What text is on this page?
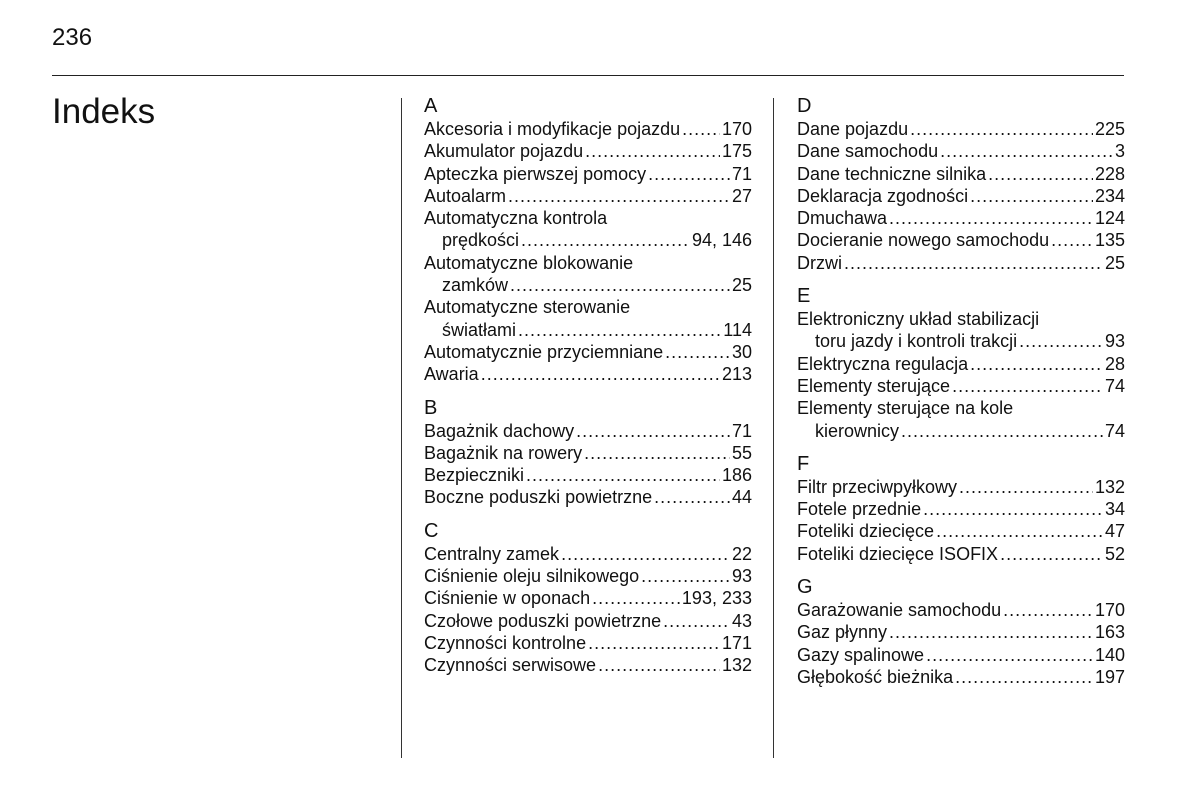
236
Indeks	A
Akcesoria i modyfikacje pojazdu ..... 170
Akumulator pojazdu .....	175
Apteczka pierwszej pomocy .....	71
Autoalarm .....	27
Automatyczna kontrola
prędkości .....	94, 146
Automatyczne blokowanie
zamków .....	25
Automatyczne sterowanie
światłami .....	114
Automatycznie przyciemniane .....	30
Awaria .....	213
B
Bagażnik dachowy .....	71
Bagażnik na rowery .....	55
Bezpieczniki .....	186
Boczne poduszki powietrzne .....	44
C
Centralny zamek .....	22
Ciśnienie oleju silnikowego .....	93
Ciśnienie w oponach .....	193, 233
Czołowe poduszki powietrzne .....	43
Czynności kontrolne .....	171
Czynności serwisowe .....	132
D
Dane pojazdu .....	225
Dane samochodu .....	3
Dane techniczne silnika .....	228
Deklaracja zgodności .....	234
Dmuchawa .....	124
Docieranie nowego samochodu .....	135
Drzwi .....	25
E
Elektroniczny układ stabilizacji
toru jazdy i kontroli trakcji .....	93
Elektryczna regulacja .....	28
Elementy sterujące .....	74
Elementy sterujące na kole
kierownicy .....	74
F
Filtr przeciwpyłkowy .....	132
Fotele przednie .....	34
Foteliki dziecięce .....	47
Foteliki dziecięce ISOFIX .....	52
G
Garażowanie samochodu .....	170
Gaz płynny .....	163
Gazy spalinowe .....	140
Głębokość bieżnika .....	197
